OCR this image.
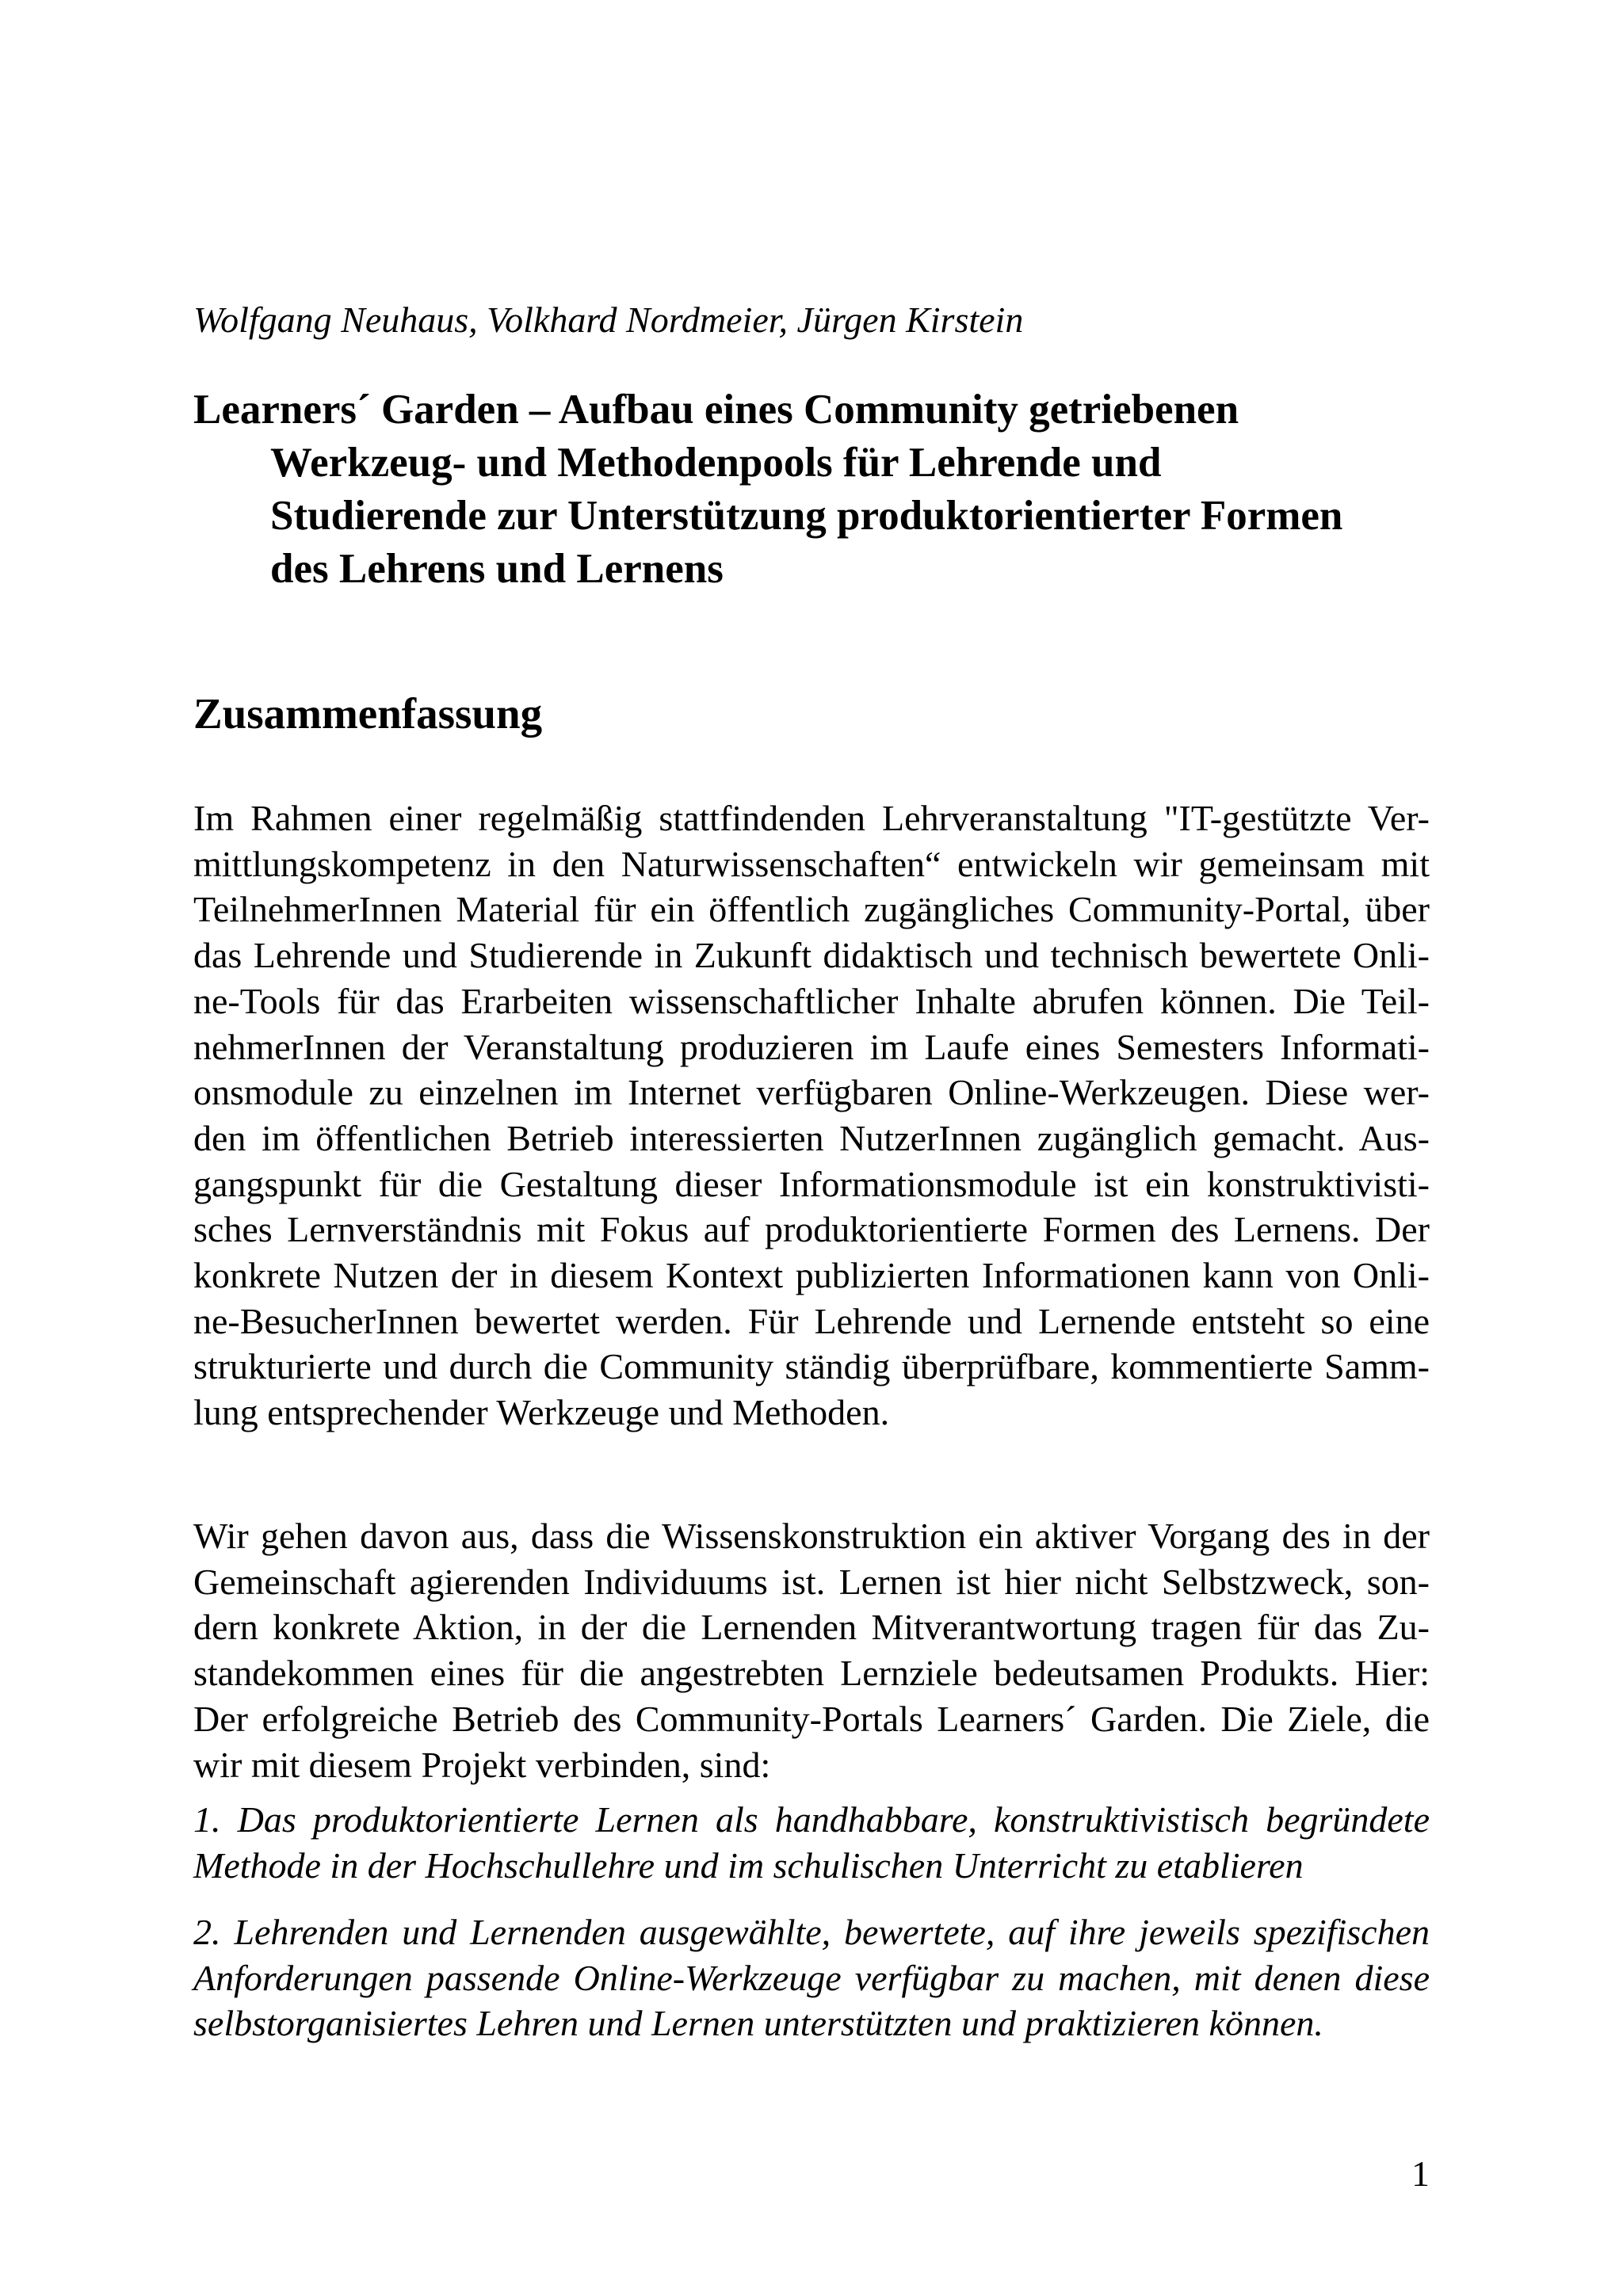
Wolfgang Neuhaus, Volkhard Nordmeier, Jürgen Kirstein

Learners´ Garden – Aufbau eines Community getriebenen
Werkzeug- und Methodenpools für Lehrende und
Studierende zur Unterstützung produktorientierter Formen
des Lehrens und Lernens
Zusammenfassung
Im Rahmen einer regelmäßig stattfindenden Lehrveranstaltung "IT-gestützte Ver-
mittlungskompetenz in den Naturwissenschaften“ entwickeln wir gemeinsam mit
TeilnehmerInnen Material für ein öffentlich zugängliches Community-Portal, über
das Lehrende und Studierende in Zukunft didaktisch und technisch bewertete Onli-
ne-Tools für das Erarbeiten wissenschaftlicher Inhalte abrufen können. Die Teil-
nehmerInnen der Veranstaltung produzieren im Laufe eines Semesters Informati-
onsmodule zu einzelnen im Internet verfügbaren Online-Werkzeugen. Diese wer-
den im öffentlichen Betrieb interessierten NutzerInnen zugänglich gemacht. Aus-
gangspunkt für die Gestaltung dieser Informationsmodule ist ein konstruktivisti-
sches Lernverständnis mit Fokus auf produktorientierte Formen des Lernens. Der
konkrete Nutzen der in diesem Kontext publizierten Informationen kann von Onli-
ne-BesucherInnen bewertet werden. Für Lehrende und Lernende entsteht so eine
strukturierte und durch die Community ständig überprüfbare, kommentierte Samm-
lung entsprechender Werkzeuge und Methoden.
Wir gehen davon aus, dass die Wissenskonstruktion ein aktiver Vorgang des in der
Gemeinschaft agierenden Individuums ist. Lernen ist hier nicht Selbstzweck, son-
dern konkrete Aktion, in der die Lernenden Mitverantwortung tragen für das Zu-
standekommen eines für die angestrebten Lernziele bedeutsamen Produkts. Hier:
Der erfolgreiche Betrieb des Community-Portals Learners´ Garden. Die Ziele, die
wir mit diesem Projekt verbinden, sind:
1. Das produktorientierte Lernen als handhabbare, konstruktivistisch begründete
Methode in der Hochschullehre und im schulischen Unterricht zu etablieren
2. Lehrenden und Lernenden ausgewählte, bewertete, auf ihre jeweils spezifischen
Anforderungen passende Online-Werkzeuge verfügbar zu machen, mit denen diese
selbstorganisiertes Lehren und Lernen unterstützten und praktizieren können.

1
